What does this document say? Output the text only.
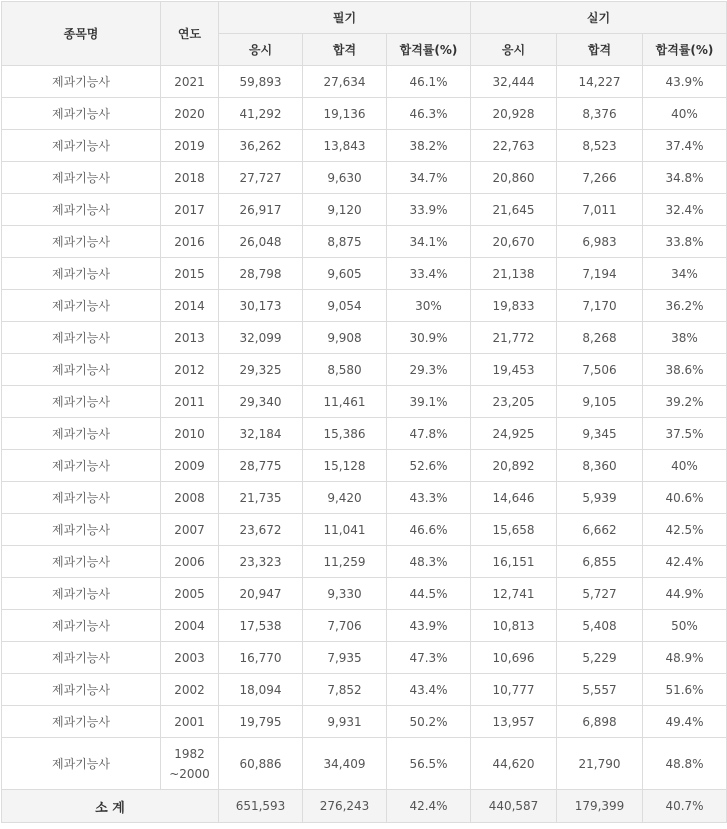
종목명	연도	필기			실기		
		응시	합격	합격률(%)	응시	합격	합격률(%)
제과기능사	2021	59,893	27,634	46.1%	32,444	14,227	43.9%
제과기능사	2020	41,292	19,136	46.3%	20,928	8,376	40%
제과기능사	2019	36,262	13,843	38.2%	22,763	8,523	37.4%
제과기능사	2018	27,727	9,630	34.7%	20,860	7,266	34.8%
제과기능사	2017	26,917	9,120	33.9%	21,645	7,011	32.4%
제과기능사	2016	26,048	8,875	34.1%	20,670	6,983	33.8%
제과기능사	2015	28,798	9,605	33.4%	21,138	7,194	34%
제과기능사	2014	30,173	9,054	30%	19,833	7,170	36.2%
제과기능사	2013	32,099	9,908	30.9%	21,772	8,268	38%
제과기능사	2012	29,325	8,580	29.3%	19,453	7,506	38.6%
제과기능사	2011	29,340	11,461	39.1%	23,205	9,105	39.2%
제과기능사	2010	32,184	15,386	47.8%	24,925	9,345	37.5%
제과기능사	2009	28,775	15,128	52.6%	20,892	8,360	40%
제과기능사	2008	21,735	9,420	43.3%	14,646	5,939	40.6%
제과기능사	2007	23,672	11,041	46.6%	15,658	6,662	42.5%
제과기능사	2006	23,323	11,259	48.3%	16,151	6,855	42.4%
제과기능사	2005	20,947	9,330	44.5%	12,741	5,727	44.9%
제과기능사	2004	17,538	7,706	43.9%	10,813	5,408	50%
제과기능사	2003	16,770	7,935	47.3%	10,696	5,229	48.9%
제과기능사	2002	18,094	7,852	43.4%	10,777	5,557	51.6%
제과기능사	2001	19,795	9,931	50.2%	13,957	6,898	49.4%
제과기능사	1982
~2000	60,886	34,409	56.5%	44,620	21,790	48.8%
소 계		651,593	276,243	42.4%	440,587	179,399	40.7%
